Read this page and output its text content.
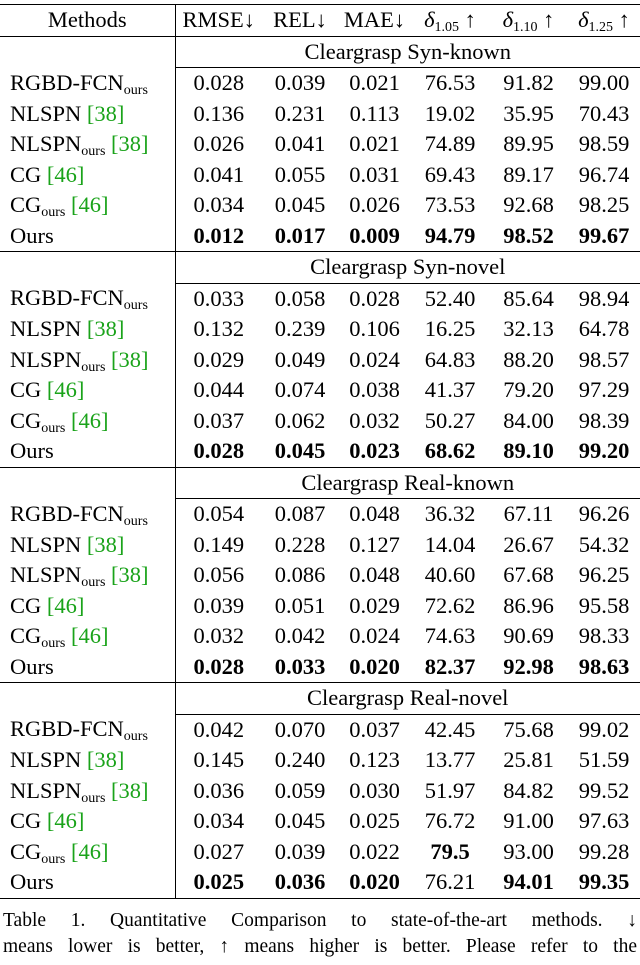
Methods	RMSE↓	REL↓	MAE↓	$\delta_{1.05}$ ↑	$\delta_{1.10}$ ↑	$\delta_{1.25}$ ↑
	Cleargrasp Syn-known					
RGBD-$FCN_{ours}$	0.028	0.039	0.021	76.53	91.82	99.00
NLSPN [38]	0.136	0.231	0.113	19.02	35.95	70.43
$NLSPN_{ours}$ [38]	0.026	0.041	0.021	74.89	89.95	98.59
CG [46]	0.041	0.055	0.031	69.43	89.17	96.74
$CG_{ours}$ [46]	0.034	0.045	0.026	73.53	92.68	98.25
Ours	0.012	0.017	0.009	94.79	98.52	99.67
	Cleargrasp Syn-novel					
RGBD-$FCN_{ours}$	0.033	0.058	0.028	52.40	85.64	98.94
NLSPN [38]	0.132	0.239	0.106	16.25	32.13	64.78
$NLSPN_{ours}$ [38]	0.029	0.049	0.024	64.83	88.20	98.57
CG [46]	0.044	0.074	0.038	41.37	79.20	97.29
$CG_{ours}$ [46]	0.037	0.062	0.032	50.27	84.00	98.39
Ours	0.028	0.045	0.023	68.62	89.10	99.20
	Cleargrasp Real-known					
RGBD-$FCN_{ours}$	0.054	0.087	0.048	36.32	67.11	96.26
NLSPN [38]	0.149	0.228	0.127	14.04	26.67	54.32
$NLSPN_{ours}$ [38]	0.056	0.086	0.048	40.60	67.68	96.25
CG [46]	0.039	0.051	0.029	72.62	86.96	95.58
$CG_{ours}$ [46]	0.032	0.042	0.024	74.63	90.69	98.33
Ours	0.028	0.033	0.020	82.37	92.98	98.63
	Cleargrasp Real-novel					
RGBD-$FCN_{ours}$	0.042	0.070	0.037	42.45	75.68	99.02
NLSPN [38]	0.145	0.240	0.123	13.77	25.81	51.59
$NLSPN_{ours}$ [38]	0.036	0.059	0.030	51.97	84.82	99.52
CG [46]	0.034	0.045	0.025	76.72	91.00	97.63
$CG_{ours}$ [46]	0.027	0.039	0.022	79.5	93.00	99.28
Ours	0.025	0.036	0.020	76.21	94.01	99.35
Table 1. Quantitative Comparison to state-of-the-art methods. ↓
means lower is better, ↑ means higher is better. Please refer to the
